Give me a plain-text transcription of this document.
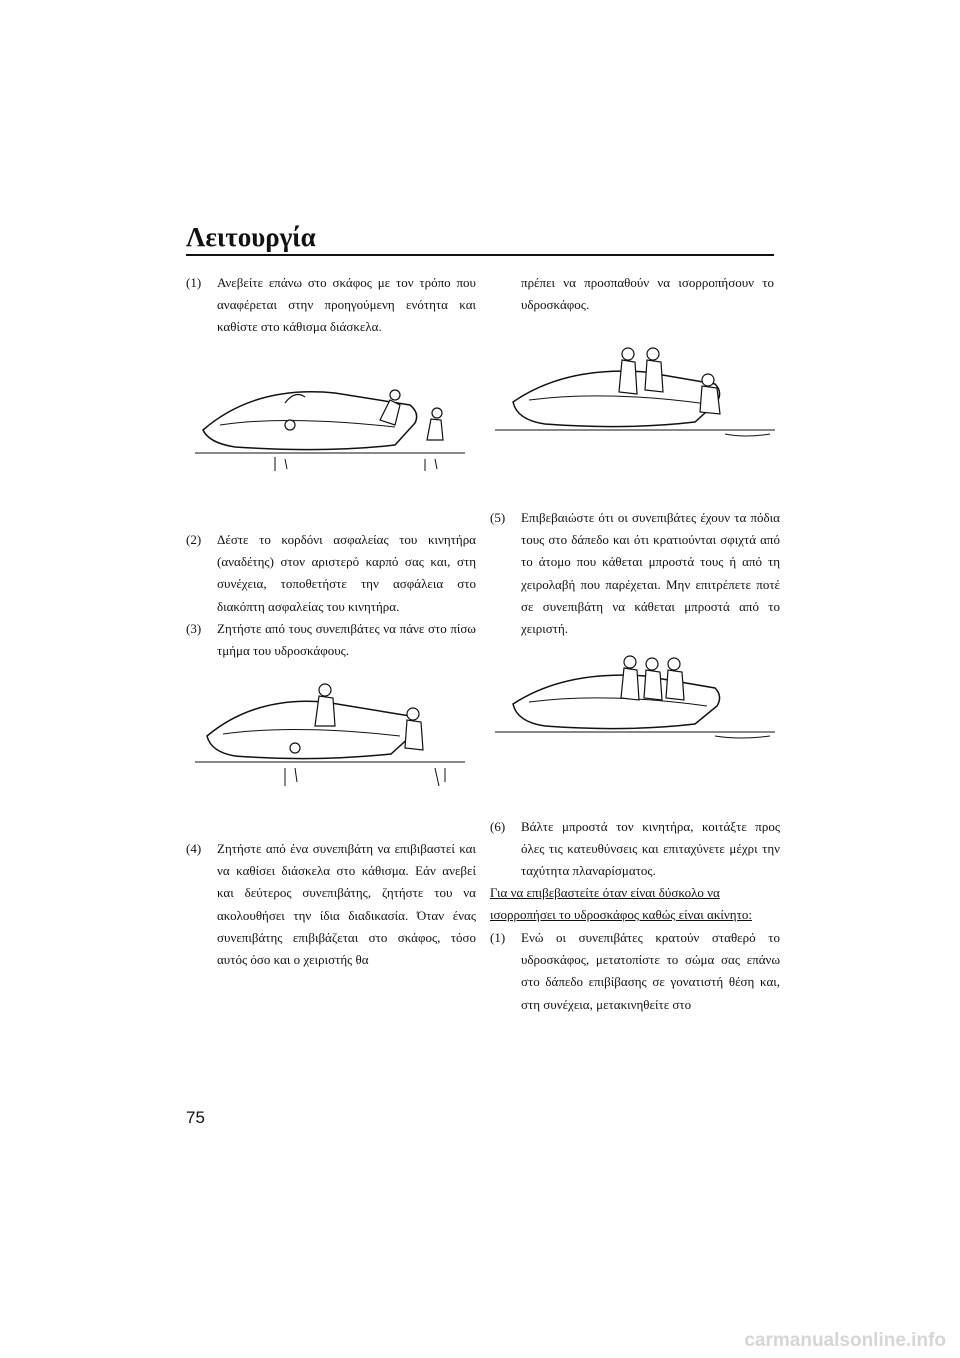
Λειτουργία
(1)	Ανεβείτε επάνω στο σκάφος με τον τρόπο που αναφέρεται στην προηγούμενη ενότητα και καθίστε στο κάθισμα διάσκελα.
(2)	Δέστε το κορδόνι ασφαλείας του κινητήρα (αναδέτης) στον αριστερό καρπό σας και, στη συνέχεια, τοποθετήστε την ασφάλεια στο διακόπτη ασφαλείας του κινητήρα.
(3)	Ζητήστε από τους συνεπιβάτες να πάνε στο πίσω τμήμα του υδροσκάφους.
(4)	Ζητήστε από ένα συνεπιβάτη να επιβιβαστεί και να καθίσει διάσκελα στο κάθισμα. Εάν ανεβεί και δεύτερος συνεπιβάτης, ζητήστε του να ακολουθήσει την ίδια διαδικασία. Όταν ένας συνεπιβάτης επιβιβάζεται στο σκάφος, τόσο αυτός όσο και ο χειριστής θα
πρέπει να προσπαθούν να ισορροπήσουν το υδροσκάφος.
(5)	Επιβεβαιώστε ότι οι συνεπιβάτες έχουν τα πόδια τους στο δάπεδο και ότι κρατιούνται σφιχτά από το άτομο που κάθεται μπροστά τους ή από τη χειρολαβή που παρέχεται. Μην επιτρέπετε ποτέ σε συνεπιβάτη να κάθεται μπροστά από το χειριστή.
(6)	Βάλτε μπροστά τον κινητήρα, κοιτάξτε προς όλες τις κατευθύνσεις και επιταχύνετε μέχρι την ταχύτητα πλαναρίσματος.
Για να επιβεβαστείτε όταν είναι δύσκολο να ισορροπήσει το υδροσκάφος καθώς είναι ακίνητο:
(1)	Ενώ οι συνεπιβάτες κρατούν σταθερό το υδροσκάφος, μετατοπίστε το σώμα σας επάνω στο δάπεδο επιβίβασης σε γονατιστή θέση και, στη συνέχεια, μετακινηθείτε στο
75
carmanualsonline.info
